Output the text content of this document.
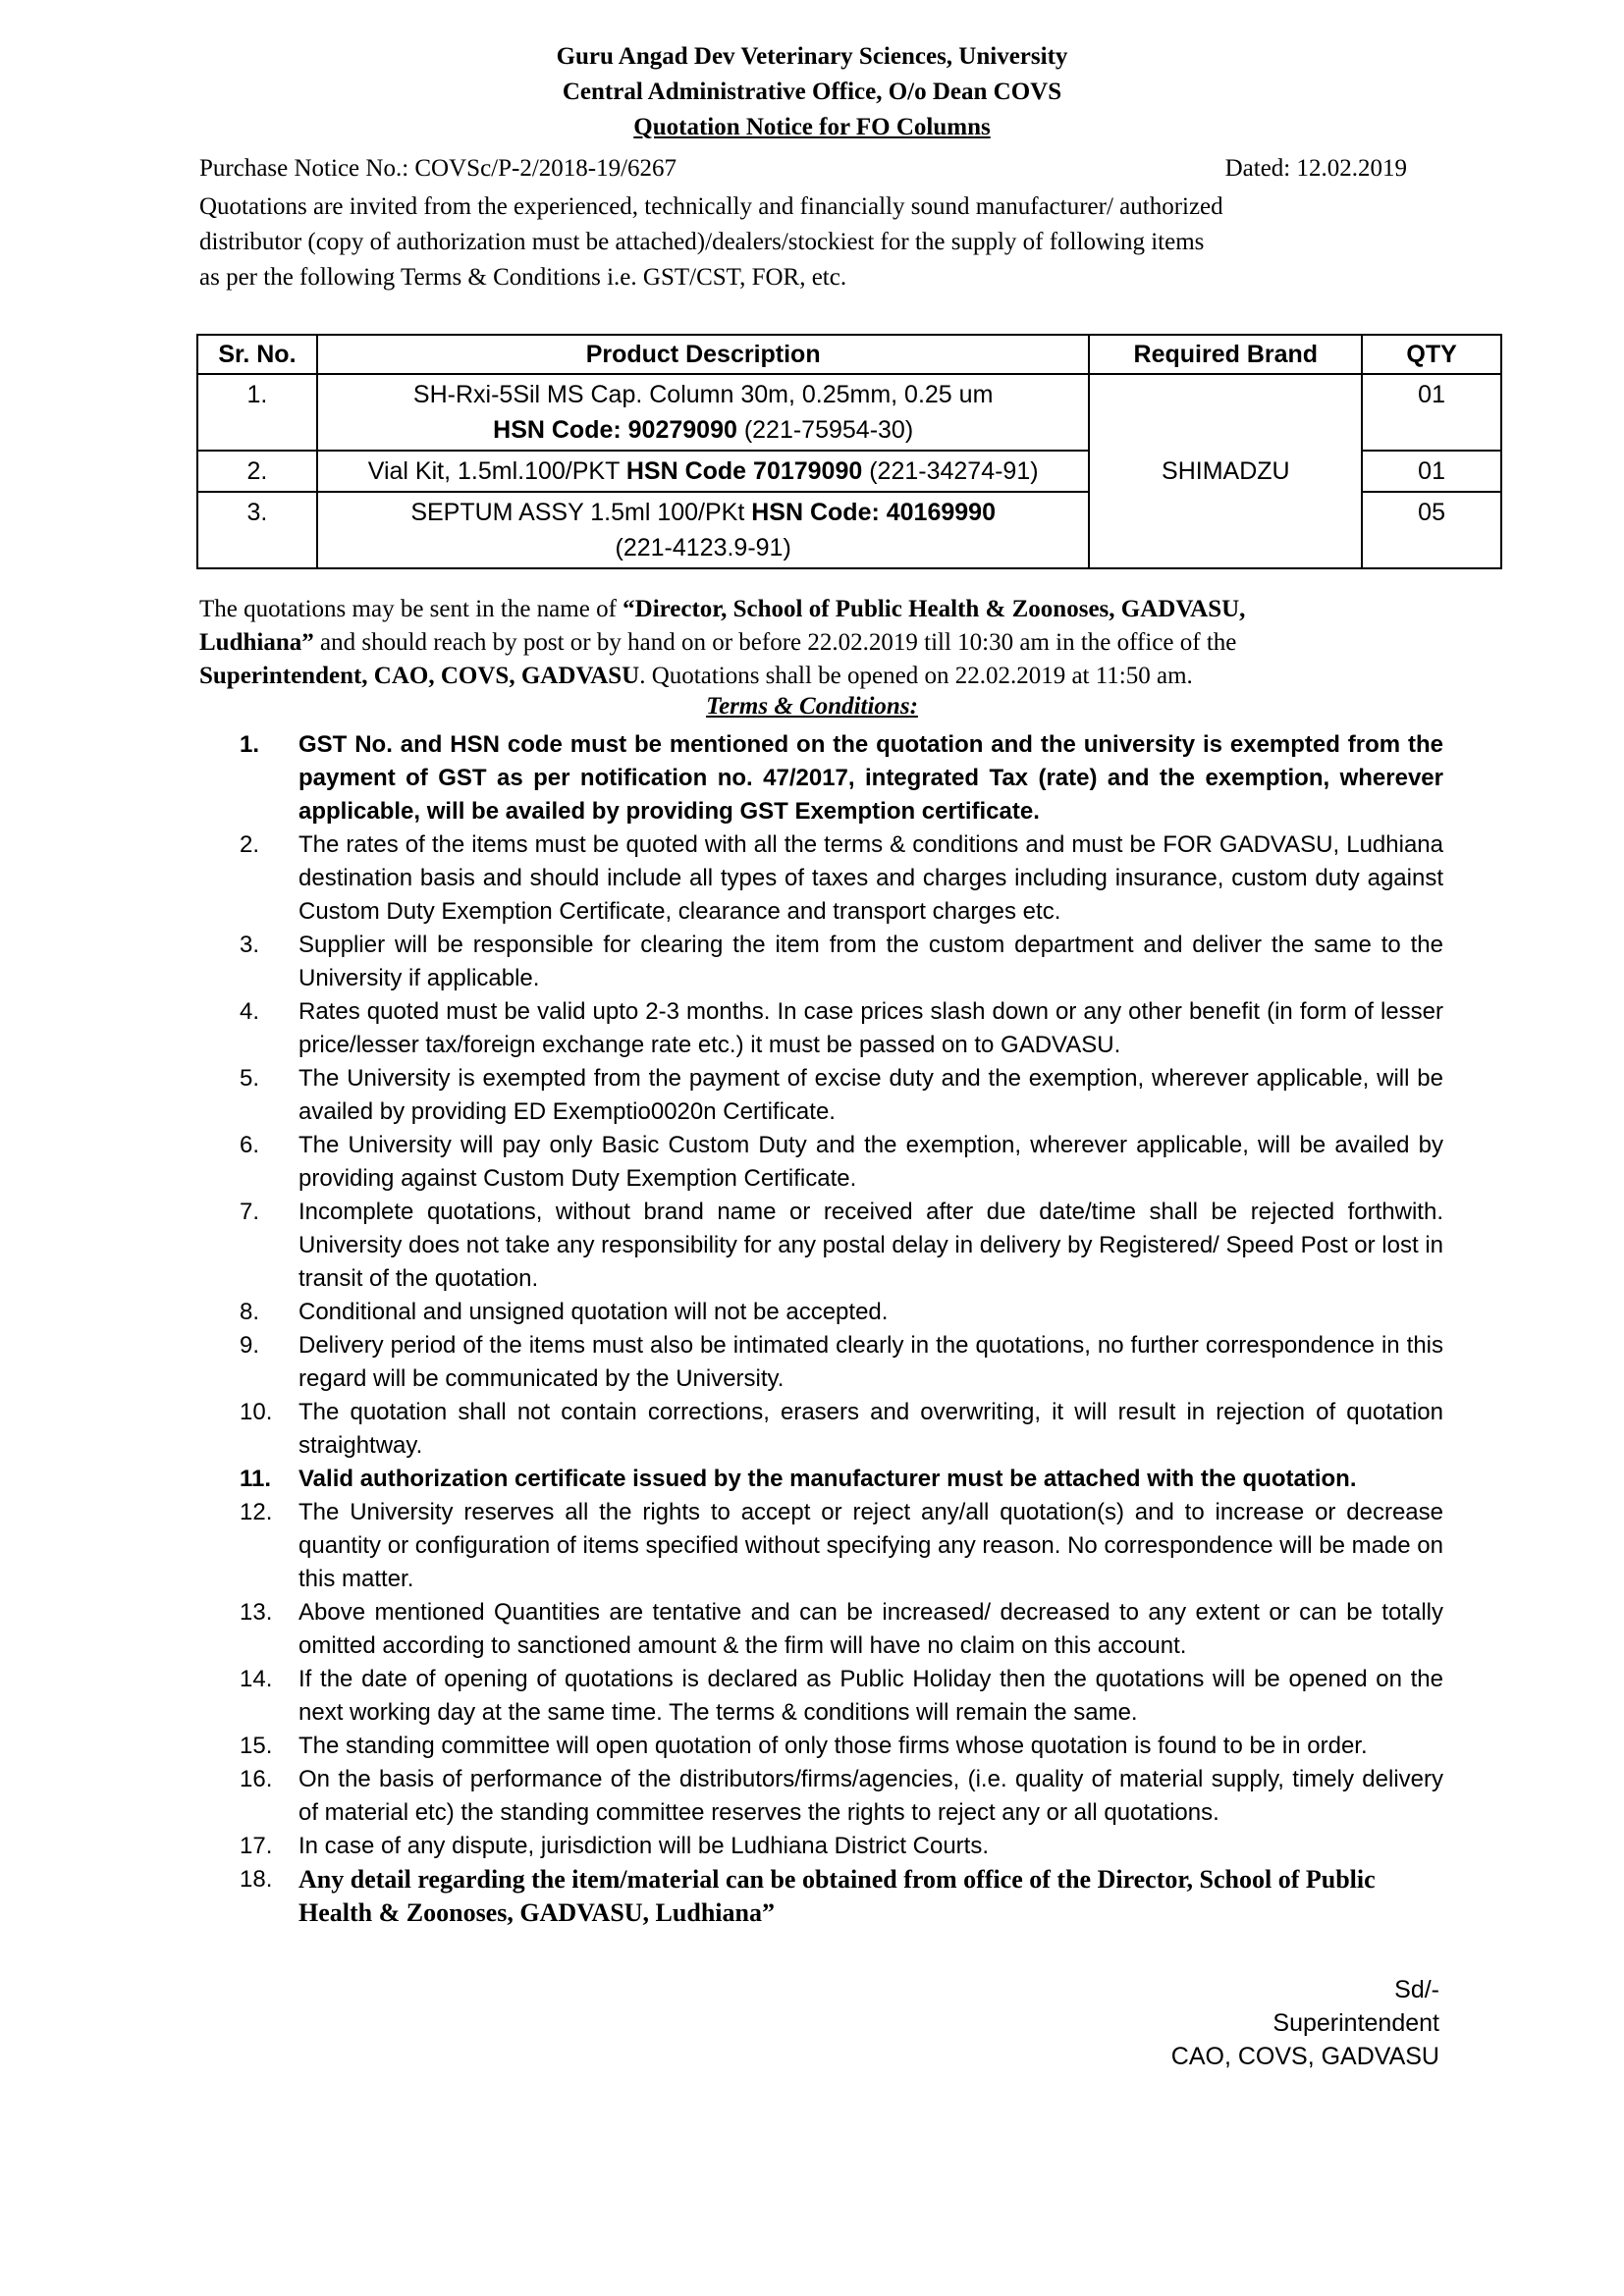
Guru Angad Dev Veterinary Sciences, University
Central Administrative Office, O/o Dean COVS
Quotation Notice for FO Columns
Purchase Notice No.: COVSc/P-2/2018-19/6267	Dated: 12.02.2019
Quotations are invited from the experienced, technically and financially sound manufacturer/ authorized
distributor (copy of authorization must be attached)/dealers/stockiest for the supply of following items
as per the following Terms & Conditions i.e. GST/CST, FOR, etc.
Sr. No.	Product Description	Required Brand	QTY
1.	SH-Rxi-5Sil MS Cap. Column 30m, 0.25mm, 0.25 um
HSN Code: 90279090 (221-75954-30)	SHIMADZU	01
2.	Vial Kit, 1.5ml.100/PKT HSN Code 70179090 (221-34274-91)		01
3.	SEPTUM ASSY 1.5ml 100/PKt HSN Code: 40169990
(221-4123.9-91)		05
The quotations may be sent in the name of “Director, School of Public Health & Zoonoses, GADVASU,
Ludhiana” and should reach by post or by hand on or before 22.02.2019 till 10:30 am in the office of the
Superintendent, CAO, COVS, GADVASU. Quotations shall be opened on 22.02.2019 at 11:50 am.
Terms & Conditions:
1.	GST No. and HSN code must be mentioned on the quotation and the university is exempted from the payment of GST as per notification no. 47/2017, integrated Tax (rate) and the exemption, wherever applicable, will be availed by providing GST Exemption certificate.
2.	The rates of the items must be quoted with all the terms & conditions and must be FOR GADVASU, Ludhiana destination basis and should include all types of taxes and charges including insurance, custom duty against Custom Duty Exemption Certificate, clearance and transport charges etc.
3.	Supplier will be responsible for clearing the item from the custom department and deliver the same to the University if applicable.
4.	Rates quoted must be valid upto 2-3 months. In case prices slash down or any other benefit (in form of lesser price/lesser tax/foreign exchange rate etc.) it must be passed on to GADVASU.
5.	The University is exempted from the payment of excise duty and the exemption, wherever applicable, will be availed by providing ED Exemptio0020n Certificate.
6.	The University will pay only Basic Custom Duty and the exemption, wherever applicable, will be availed by providing against Custom Duty Exemption Certificate.
7.	Incomplete quotations, without brand name or received after due date/time shall be rejected forthwith. University does not take any responsibility for any postal delay in delivery by Registered/ Speed Post or lost in transit of the quotation.
8.	Conditional and unsigned quotation will not be accepted.
9.	Delivery period of the items must also be intimated clearly in the quotations, no further correspondence in this regard will be communicated by the University.
10.	The quotation shall not contain corrections, erasers and overwriting, it will result in rejection of quotation straightway.
11.	Valid authorization certificate issued by the manufacturer must be attached with the quotation.
12.	The University reserves all the rights to accept or reject any/all quotation(s) and to increase or decrease quantity or configuration of items specified without specifying any reason. No correspondence will be made on this matter.
13.	Above mentioned Quantities are tentative and can be increased/ decreased to any extent or can be totally omitted according to sanctioned amount & the firm will have no claim on this account.
14.	If the date of opening of quotations is declared as Public Holiday then the quotations will be opened on the next working day at the same time. The terms & conditions will remain the same.
15.	The standing committee will open quotation of only those firms whose quotation is found to be in order.
16.	On the basis of performance of the distributors/firms/agencies, (i.e. quality of material supply, timely delivery of material etc) the standing committee reserves the rights to reject any or all quotations.
17.	In case of any dispute, jurisdiction will be Ludhiana District Courts.
18.	Any detail regarding the item/material can be obtained from office of the Director, School of Public Health & Zoonoses, GADVASU, Ludhiana”
Sd/-
Superintendent
CAO, COVS, GADVASU
